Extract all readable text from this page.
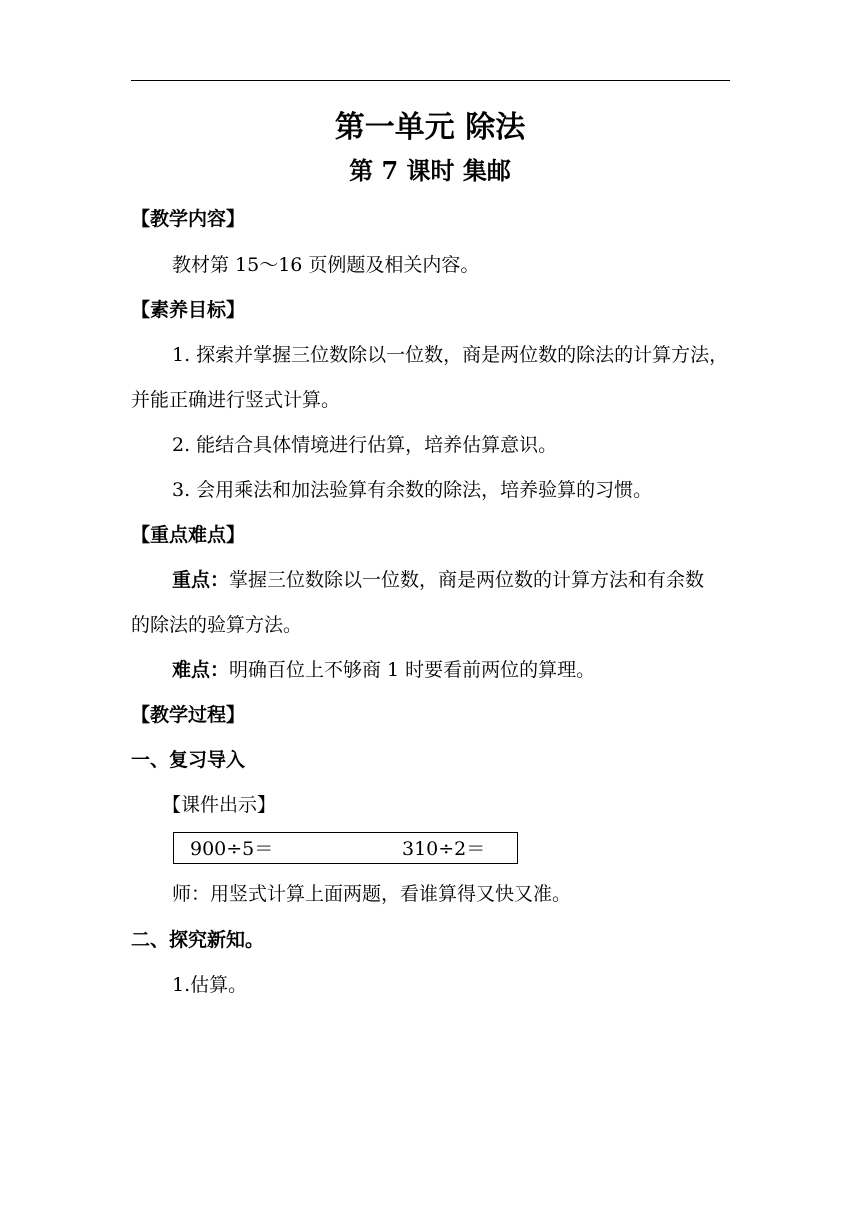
第一单元 除法
第 7 课时 集邮
【教学内容】
教材第 15～16 页例题及相关内容。
【素养目标】
1. 探索并掌握三位数除以一位数，商是两位数的除法的计算方法，
并能正确进行竖式计算。
2. 能结合具体情境进行估算，培养估算意识。
3. 会用乘法和加法验算有余数的除法，培养验算的习惯。
【重点难点】
重点：掌握三位数除以一位数，商是两位数的计算方法和有余数
的除法的验算方法。
难点：明确百位上不够商 1 时要看前两位的算理。
【教学过程】
一、复习导入
【课件出示】
900÷5＝	310÷2＝
师：用竖式计算上面两题，看谁算得又快又准。
二、探究新知。
1.估算。
